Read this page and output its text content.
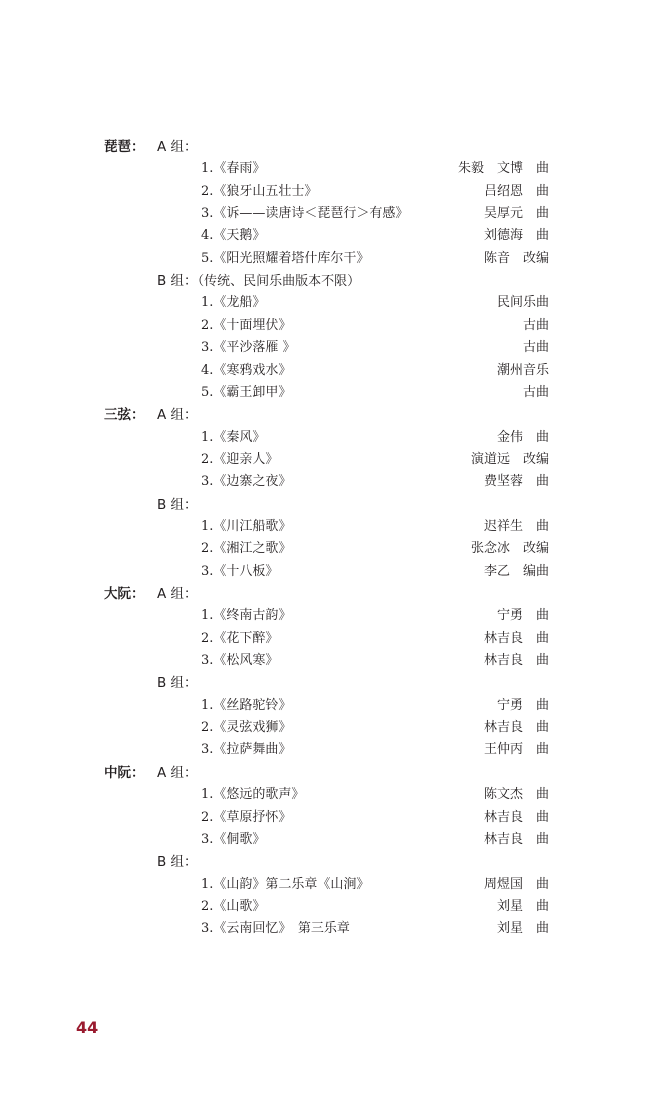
琵琶： A 组：
1.《春雨》	朱毅　文博　曲
2.《狼牙山五壮士》	吕绍恩　曲
3.《诉——读唐诗＜琵琶行＞有感》	吴厚元　曲
4.《天鹅》	刘德海　曲
5.《阳光照耀着塔什库尔干》	陈音　改编
B 组：（传统、民间乐曲版本不限）
1.《龙船》	民间乐曲
2.《十面埋伏》	古曲
3.《平沙落雁 》	古曲
4.《寒鸦戏水》	潮州音乐
5.《霸王卸甲》	古曲
三弦： A 组：
1.《秦风》	金伟　曲
2.《迎亲人》	演道远　改编
3.《边寨之夜》	费坚蓉　曲
B 组：
1.《川江船歌》	迟祥生　曲
2.《湘江之歌》	张念冰　改编
3.《十八板》	李乙　编曲
大阮： A 组：
1.《终南古韵》	宁勇　曲
2.《花下醉》	林吉良　曲
3.《松风寒》	林吉良　曲
B 组：
1.《丝路驼铃》	宁勇　曲
2.《灵弦戏狮》	林吉良　曲
3.《拉萨舞曲》	王仲丙　曲
中阮： A 组：
1.《悠远的歌声》	陈文杰　曲
2.《草原抒怀》	林吉良　曲
3.《侗歌》	林吉良　曲
B 组：
1.《山韵》第二乐章《山涧》	周煜国　曲
2.《山歌》	刘星　曲
3.《云南回忆》　第三乐章	刘星　曲
44
